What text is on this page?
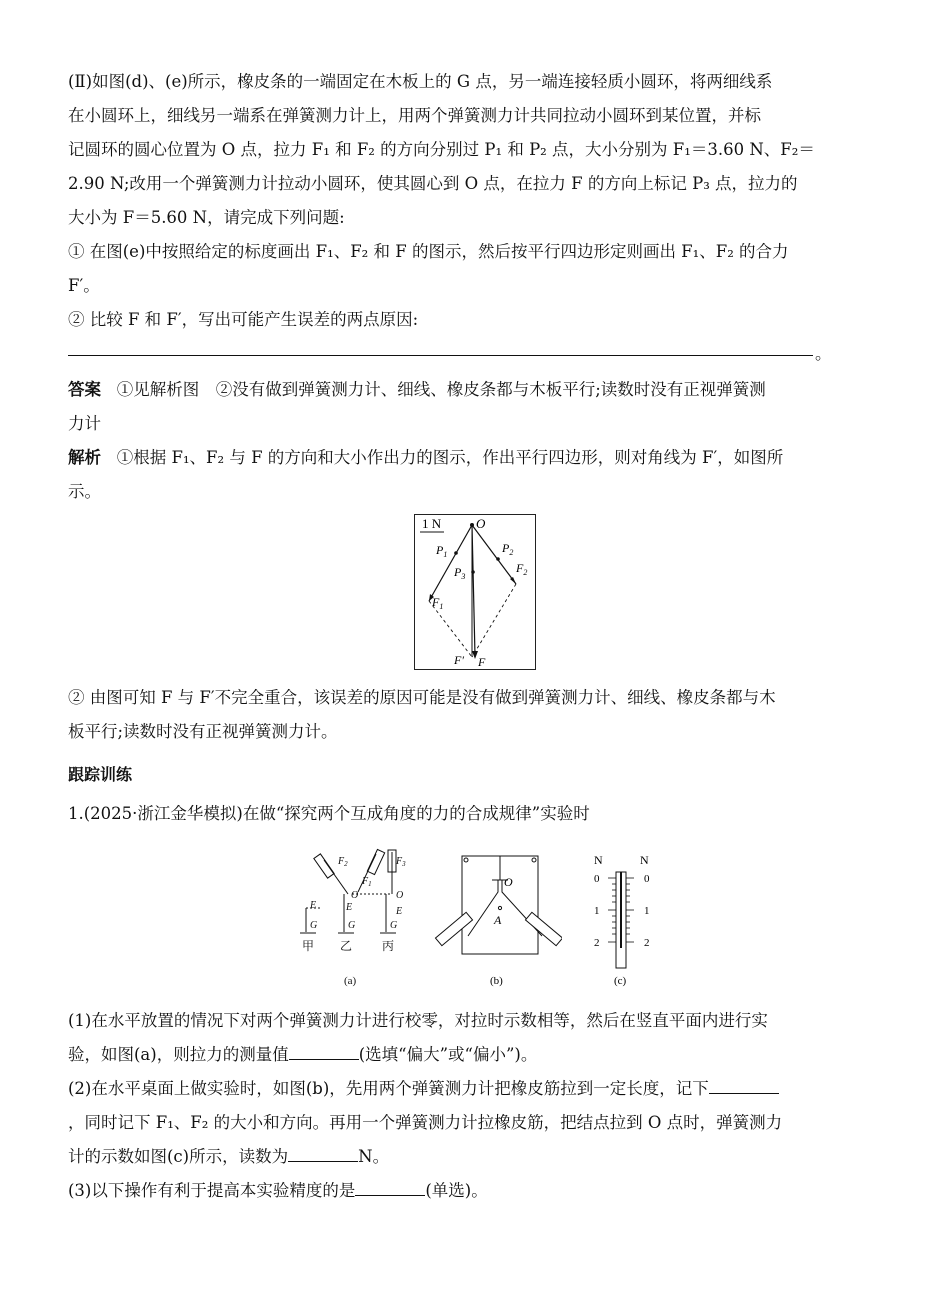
(Ⅱ)如图(d)、(e)所示，橡皮条的一端固定在木板上的 G 点，另一端连接轻质小圆环，将两细线系
在小圆环上，细线另一端系在弹簧测力计上，用两个弹簧测力计共同拉动小圆环到某位置，并标
记圆环的圆心位置为 O 点，拉力 F₁ 和 F₂ 的方向分别过 P₁ 和 P₂ 点，大小分别为 F₁＝3.60 N、F₂＝
2.90 N;改用一个弹簧测力计拉动小圆环，使其圆心到 O 点，在拉力 F 的方向上标记 P₃ 点，拉力的
大小为 F＝5.60 N，请完成下列问题:
① 在图(e)中按照给定的标度画出 F₁、F₂ 和 F 的图示，然后按平行四边形定则画出 F₁、F₂ 的合力
F′。
② 比较 F 和 F′，写出可能产生误差的两点原因:
。
答案 ①见解析图　②没有做到弹簧测力计、细线、橡皮条都与木板平行;读数时没有正视弹簧测
力计
解析 ①根据 F₁、F₂ 与 F 的方向和大小作出力的图示，作出平行四边形，则对角线为 F′，如图所
示。
1 N	O
$P_1$
$F_1$
$P_2$
$F_2$
$P_3$
F′ F
② 由图可知 F 与 F′不完全重合，该误差的原因可能是没有做到弹簧测力计、细线、橡皮条都与木
板平行;读数时没有正视弹簧测力计。
跟踪训练
1.(2025·浙江金华模拟)在做“探究两个互成角度的力的合成规律”实验时
$F_2$
$F_1$
$F_3$
O	O
E	E	E
G	G	G
甲 乙 丙
(a)
O
A
(b)
N	N
0	0
1	1
2	2
(c)
(1)在水平放置的情况下对两个弹簧测力计进行校零，对拉时示数相等，然后在竖直平面内进行实
验，如图(a)，则拉力的测量值	(选填“偏大”或“偏小”)。
(2)在水平桌面上做实验时，如图(b)，先用两个弹簧测力计把橡皮筋拉到一定长度，记下
，同时记下 F₁、F₂ 的大小和方向。再用一个弹簧测力计拉橡皮筋，把结点拉到 O 点时，弹簧测力
计的示数如图(c)所示，读数为	N。
(3)以下操作有利于提高本实验精度的是	(单选)。
